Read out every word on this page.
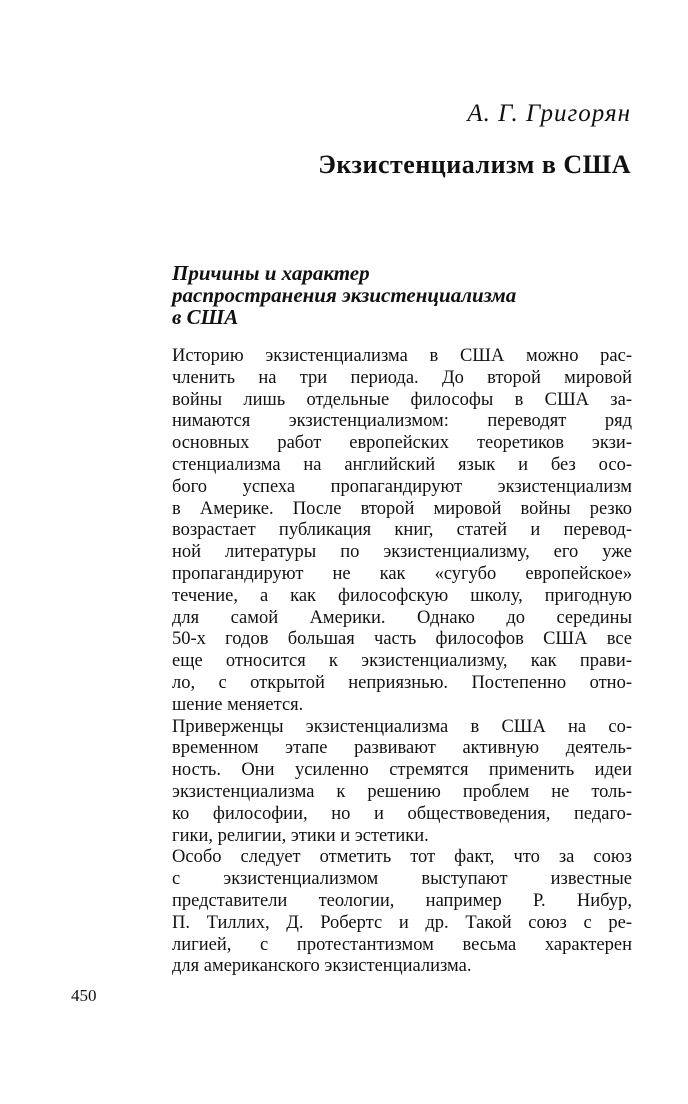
А. Г. Григорян
Экзистенциализм в США
Причины и характер
распространения экзистенциализма
в США
Историю экзистенциализма в США можно рас-
членить на три периода. До второй мировой
войны лишь отдельные философы в США за-
нимаются экзистенциализмом: переводят ряд
основных работ европейских теоретиков экзи-
стенциализма на английский язык и без осо-
бого успеха пропагандируют экзистенциализм
в Америке. После второй мировой войны резко
возрастает публикация книг, статей и перевод-
ной литературы по экзистенциализму, его уже
пропагандируют не как «сугубо европейское»
течение, а как философскую школу, пригодную
для самой Америки. Однако до середины
50-х годов большая часть философов США все
еще относится к экзистенциализму, как прави-
ло, с открытой неприязнью. Постепенно отно-
шение меняется.
Приверженцы экзистенциализма в США на со-
временном этапе развивают активную деятель-
ность. Они усиленно стремятся применить идеи
экзистенциализма к решению проблем не толь-
ко философии, но и обществоведения, педаго-
гики, религии, этики и эстетики.
Особо следует отметить тот факт, что за союз
с экзистенциализмом выступают известные
представители теологии, например Р. Нибур,
П. Тиллих, Д. Робертс и др. Такой союз с ре-
лигией, с протестантизмом весьма характерен
для американского экзистенциализма.
450
